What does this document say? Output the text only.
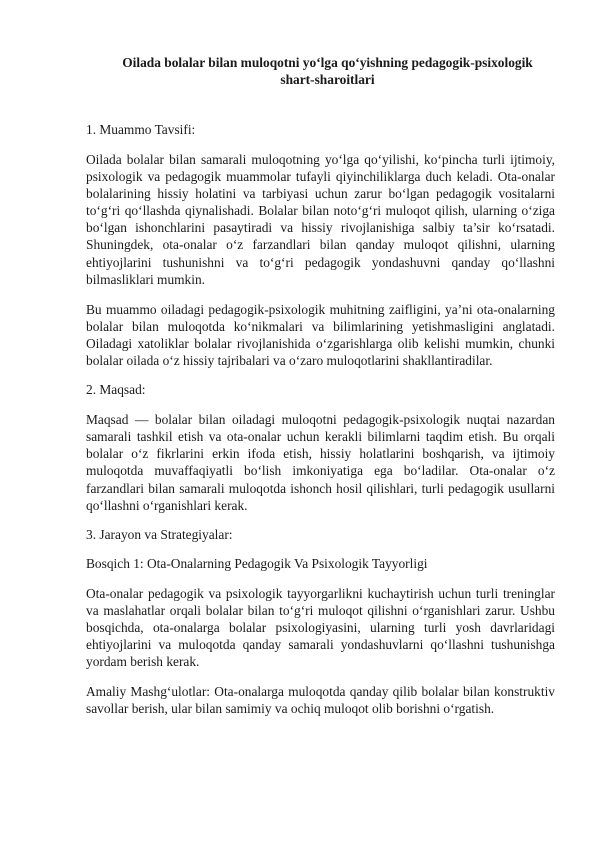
Oilada bolalar bilan muloqotni yo‘lga qo‘yishning pedagogik-psixologik
shart-sharoitlari
1. Muammo Tavsifi:

Oilada bolalar bilan samarali muloqotning yo‘lga qo‘yilishi, ko‘pincha turli ijtimoiy, psixologik va pedagogik muammolar tufayli qiyinchiliklarga duch keladi. Ota-onalar bolalarining hissiy holatini va tarbiyasi uchun zarur bo‘lgan pedagogik vositalarni to‘g‘ri qo‘llashda qiynalishadi. Bolalar bilan noto‘g‘ri muloqot qilish, ularning o‘ziga bo‘lgan ishonchlarini pasaytiradi va hissiy rivojlanishiga salbiy ta’sir ko‘rsatadi. Shuningdek, ota-onalar o‘z farzandlari bilan qanday muloqot qilishni, ularning ehtiyojlarini tushunishni va to‘g‘ri pedagogik yondashuvni qanday qo‘llashni bilmasliklari mumkin.

Bu muammo oiladagi pedagogik-psixologik muhitning zaifligini, ya’ni ota-onalarning bolalar bilan muloqotda ko‘nikmalari va bilimlarining yetishmasligini anglatadi. Oiladagi xatoliklar bolalar rivojlanishida o‘zgarishlarga olib kelishi mumkin, chunki bolalar oilada o‘z hissiy tajribalari va o‘zaro muloqotlarini shakllantiradilar.

2. Maqsad:

Maqsad — bolalar bilan oiladagi muloqotni pedagogik-psixologik nuqtai nazardan samarali tashkil etish va ota-onalar uchun kerakli bilimlarni taqdim etish. Bu orqali bolalar o‘z fikrlarini erkin ifoda etish, hissiy holatlarini boshqarish, va ijtimoiy muloqotda muvaffaqiyatli bo‘lish imkoniyatiga ega bo‘ladilar. Ota-onalar o‘z farzandlari bilan samarali muloqotda ishonch hosil qilishlari, turli pedagogik usullarni qo‘llashni o‘rganishlari kerak.

3. Jarayon va Strategiyalar:
Bosqich 1: Ota-Onalarning Pedagogik Va Psixologik Tayyorligi

Ota-onalar pedagogik va psixologik tayyorgarlikni kuchaytirish uchun turli treninglar va maslahatlar orqali bolalar bilan to‘g‘ri muloqot qilishni o‘rganishlari zarur. Ushbu bosqichda, ota-onalarga bolalar psixologiyasini, ularning turli yosh davrlaridagi ehtiyojlarini va muloqotda qanday samarali yondashuvlarni qo‘llashni tushunishga yordam berish kerak.

Amaliy Mashg‘ulotlar: Ota-onalarga muloqotda qanday qilib bolalar bilan konstruktiv savollar berish, ular bilan samimiy va ochiq muloqot olib borishni o‘rgatish.
